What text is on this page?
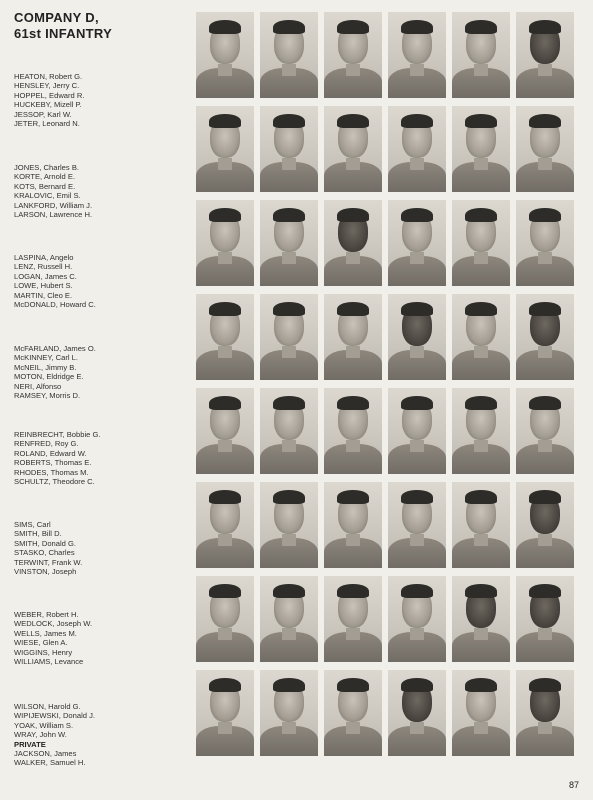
COMPANY D,
61st INFANTRY
HEATON, Robert G.
HENSLEY, Jerry C.
HOPPEL, Edward R.
HUCKEBY, Mizell P.
JESSOP, Karl W.
JETER, Leonard N.
JONES, Charles B.
KORTE, Arnold E.
KOTS, Bernard E.
KRALOVIC, Emil S.
LANKFORD, William J.
LARSON, Lawrence H.
LASPINA, Angelo
LENZ, Russell H.
LOGAN, James C.
LOWE, Hubert S.
MARTIN, Cleo E.
McDONALD, Howard C.
McFARLAND, James O.
McKINNEY, Carl L.
McNEIL, Jimmy B.
MOTON, Eldridge E.
NERI, Alfonso
RAMSEY, Morris D.
REINBRECHT, Bobbie G.
RENFRED, Roy G.
ROLAND, Edward W.
ROBERTS, Thomas E.
RHODES, Thomas M.
SCHULTZ, Theodore C.
SIMS, Carl
SMITH, Bill D.
SMITH, Donald G.
STASKO, Charles
TERWINT, Frank W.
VINSTON, Joseph
WEBER, Robert H.
WEDLOCK, Joseph W.
WELLS, James M.
WIESE, Glen A.
WIGGINS, Henry
WILLIAMS, Levance
WILSON, Harold G.
WIPIJEWSKI, Donald J.
YOAK, William S.
WRAY, John W.
PRIVATE
JACKSON, James
WALKER, Samuel H.
87
